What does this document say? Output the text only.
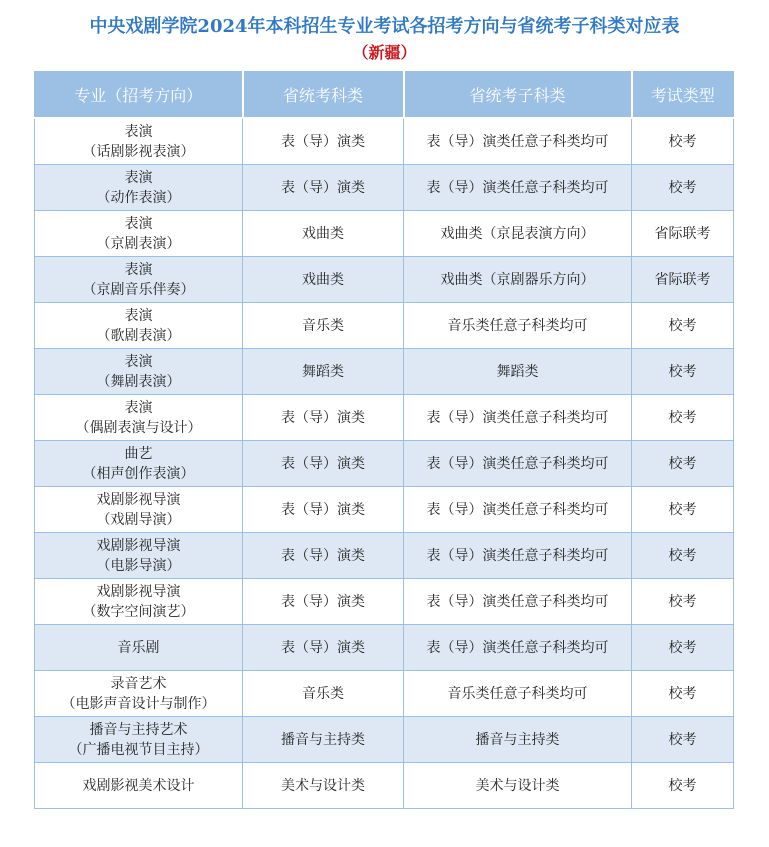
中央戏剧学院2024年本科招生专业考试各招考方向与省统考子科类对应表
（新疆）
专业（招考方向）	省统考科类	省统考子科类	考试类型

表演
（话剧影视表演）	表（导）演类	表（导）演类任意子科类均可	校考

表演
（动作表演）	表（导）演类	表（导）演类任意子科类均可	校考

表演
（京剧表演）	戏曲类	戏曲类（京昆表演方向）	省际联考

表演
（京剧音乐伴奏）	戏曲类	戏曲类（京剧器乐方向）	省际联考

表演
（歌剧表演）	音乐类	音乐类任意子科类均可	校考

表演
（舞剧表演）	舞蹈类	舞蹈类	校考

表演
（偶剧表演与设计）	表（导）演类	表（导）演类任意子科类均可	校考

曲艺
（相声创作表演）	表（导）演类	表（导）演类任意子科类均可	校考

戏剧影视导演
（戏剧导演）	表（导）演类	表（导）演类任意子科类均可	校考

戏剧影视导演
（电影导演）	表（导）演类	表（导）演类任意子科类均可	校考

戏剧影视导演
（数字空间演艺）	表（导）演类	表（导）演类任意子科类均可	校考

音乐剧	表（导）演类	表（导）演类任意子科类均可	校考

录音艺术
（电影声音设计与制作）	音乐类	音乐类任意子科类均可	校考

播音与主持艺术
（广播电视节目主持）	播音与主持类	播音与主持类	校考

戏剧影视美术设计	美术与设计类	美术与设计类	校考
